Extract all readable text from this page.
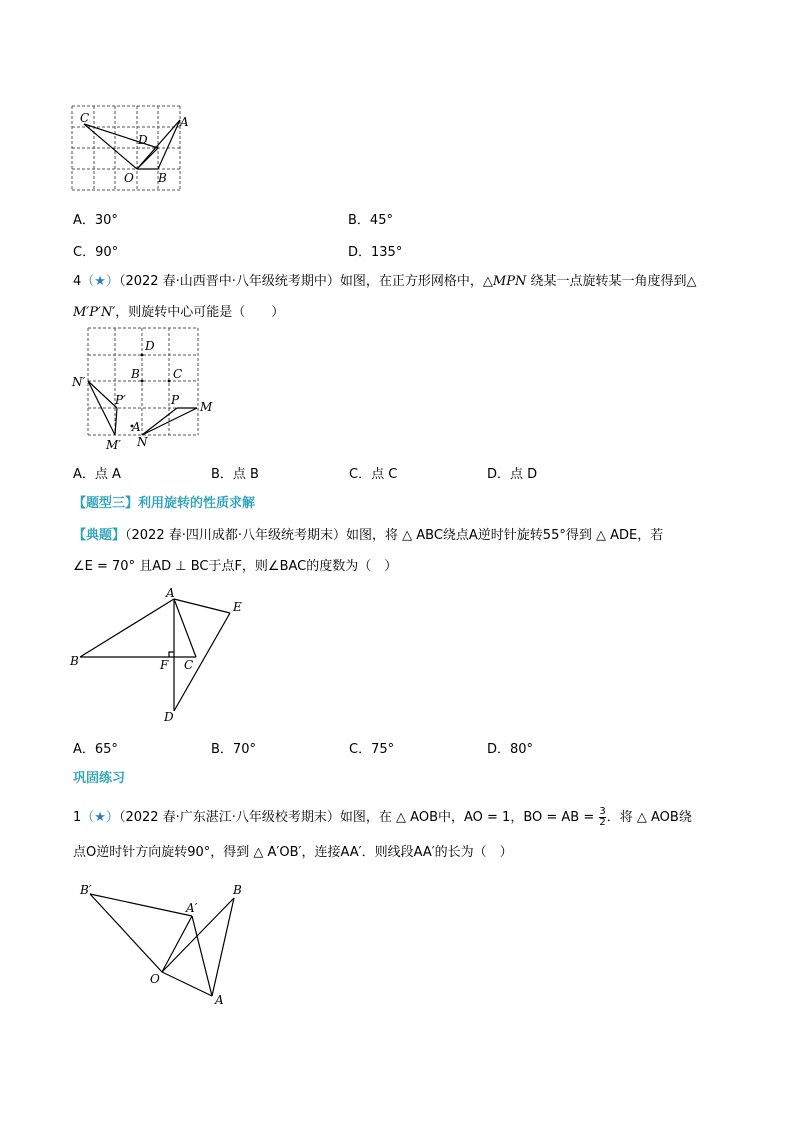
C
D
A
O B
A．30°	B．45°
C．90°	D．135°
4（★）（2022 春·山西晋中·八年级统考期中）如图，在正方形网格中，△MPN 绕某一点旋转某一角度得到△
M′P′N′，则旋转中心可能是（　　）
D
B	C
N′
P′	P M
A
M′ N
A．点 A	B．点 B	C．点 C	D．点 D
【题型三】利用旋转的性质求解
【典题】（2022 春·四川成都·八年级统考期末）如图，将 △ ABC绕点A逆时针旋转55°得到 △ ADE，若
∠E = 70° 且AD ⊥ BC于点F，则∠BAC的度数为（　）
A
E
B	F C
D
A．65°	B．70°	C．75°	D．80°
巩固练习
1（★）（2022 春·广东湛江·八年级校考期末）如图，在 △ AOB中，AO = 1，BO = AB = $\frac{3}{2}$ ．将 △ AOB绕
点O逆时针方向旋转90°，得到 △ A′OB′，连接AA′．则线段AA′的长为（　）
B′
A′
B
O
A
